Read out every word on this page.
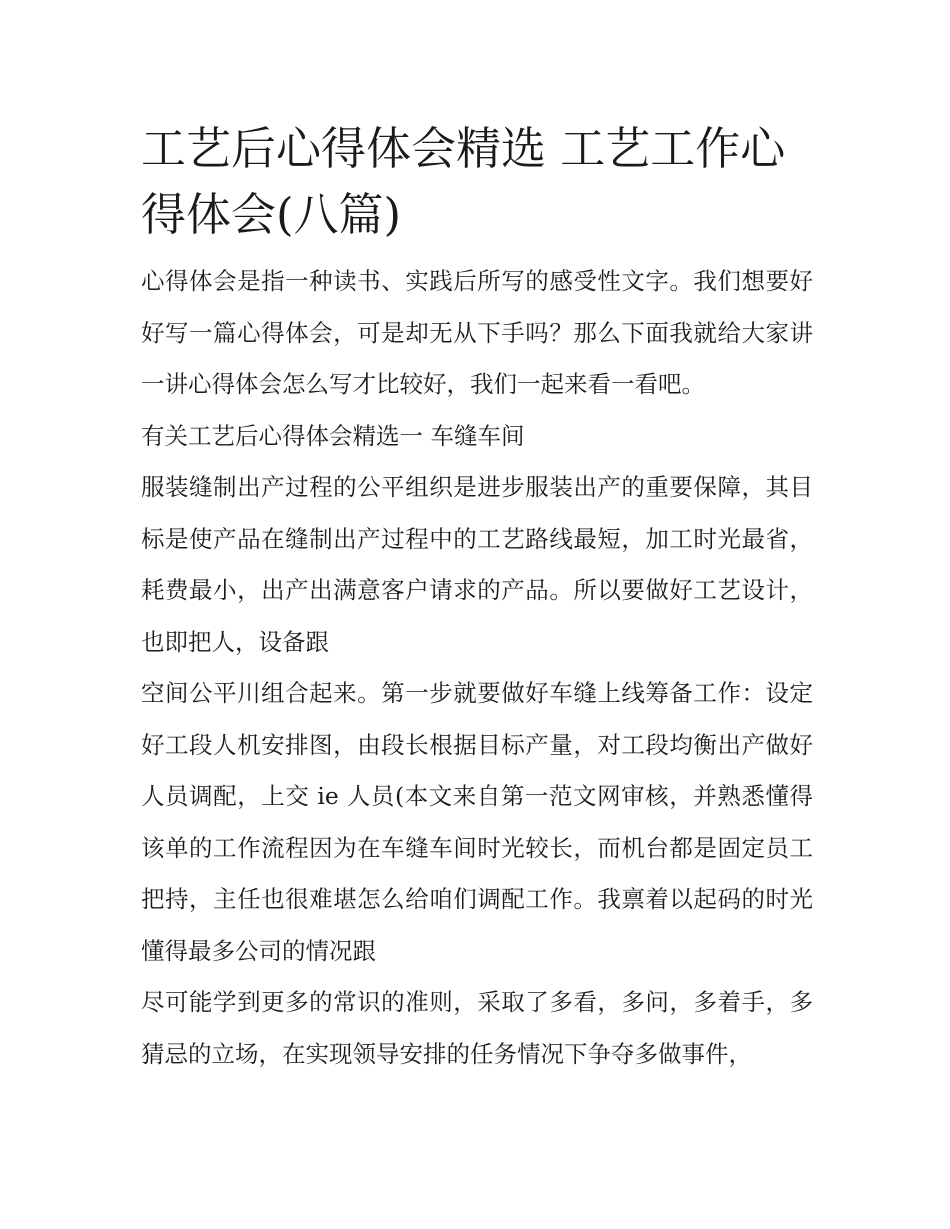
工艺后心得体会精选 工艺工作心得体会(八篇)

心得体会是指一种读书、实践后所写的感受性文字。我们想要好好写一篇心得体会，可是却无从下手吗？那么下面我就给大家讲一讲心得体会怎么写才比较好，我们一起来看一看吧。

有关工艺后心得体会精选一 车缝车间

服装缝制出产过程的公平组织是进步服装出产的重要保障，其目标是使产品在缝制出产过程中的工艺路线最短，加工时光最省，耗费最小，出产出满意客户请求的产品。所以要做好工艺设计，也即把人，设备跟

空间公平川组合起来。第一步就要做好车缝上线筹备工作：设定好工段人机安排图，由段长根据目标产量，对工段均衡出产做好人员调配，上交 ie 人员(本文来自第一范文网审核，并熟悉懂得该单的工作流程因为在车缝车间时光较长，而机台都是固定员工把持，主任也很难堪怎么给咱们调配工作。我禀着以起码的时光懂得最多公司的情况跟

尽可能学到更多的常识的准则，采取了多看，多问，多着手，多猜忌的立场，在实现领导安排的任务情况下争夺多做事件，
